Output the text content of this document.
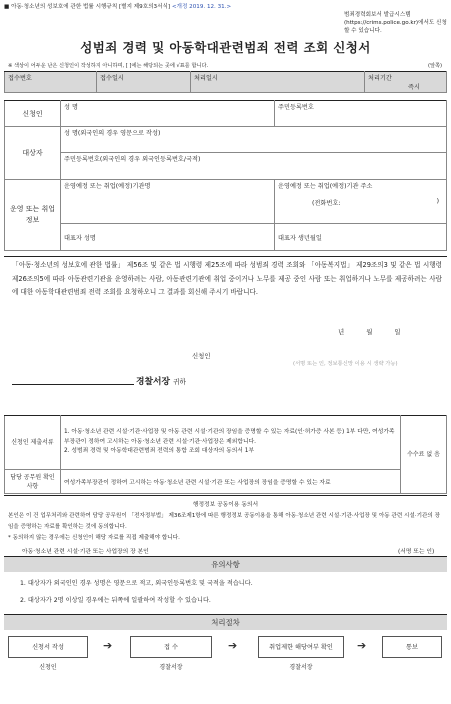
■ 아동·청소년의 성보호에 관한 법률 시행규칙 [별지 제9호의3서식] <개정 2019. 12. 31.>
범죄경력회보서 발급시스템(https://crims.police.go.kr)에서도 신청할 수 있습니다.
성범죄 경력 및 아동학대관련범죄 전력 조회 신청서
※ 색상이 어두운 난은 신청인이 작성하지 아니하며, [ ]에는 해당되는 곳에 √표를 합니다.	(앞쪽)
접수번호	접수일시	처리일시	처리기간
즉시
신청인	성 명	주민등록번호
대상자	성 명(외국인의 경우 영문으로 작성)	
	주민등록번호(외국인의 경우 외국인등록번호/국적)	
운영 또는 취업정보	운영예정 또는 취업(예정)기관명	운영예정 또는 취업(예정)기관 주소
(전화번호: )

	대표자 성명	대표자 생년월일
「아동·청소년의 성보호에 관한 법률」 제56조 및 같은 법 시행령 제25조에 따라 성범죄 경력 조회와 「아동복지법」 제29조의3 및 같은 법 시행령 제26조의5에 따라 아동관련기관을 운영하려는 사람, 아동관련기관에 취업 중이거나 노무를 제공 중인 사람 또는 취업하거나 노무를 제공하려는 사람에 대한 아동학대관련범죄 전력 조회를 요청하오니 그 결과를 회신해 주시기 바랍니다.
년 월 일
신청인
(서명 또는 인, 정보통신망 이용 시 생략 가능)
경찰서장 귀하
신청인 제출서류	1. 아동·청소년 관련 시설·기관·사업장 및 아동 관련 시설·기관의 장임을 증명할 수 있는 자료(인·허가증 사본 등) 1부 다만, 여성가족부장관이 정하여 고시하는 아동·청소년 관련 시설·기관·사업장은 제외합니다.
2. 성범죄 경력 및 아동학대관련범죄 전력의 통합 조회 대상자의 동의서 1부	수수료 없 음
담당 공무원 확인사항	여성가족부장관이 정하여 고시하는 아동·청소년 관련 시설·기관 또는 사업장의 장임을 증명할 수 있는 자료	
행정정보 공동이용 동의서
본인은 이 건 업무처리와 관련하여 담당 공무원이 「전자정부법」 제36조제1항에 따른 행정정보 공동이용을 통해 아동·청소년 관련 시설·기관·사업장 및 아동 관련 시설·기관의 장임을 증명하는 자료를 확인하는 것에 동의합니다.
* 동의하지 않는 경우에는 신청인이 해당 자료를 직접 제출해야 합니다.
아동·청소년 관련 시설·기관 또는 사업장의 장 본인	(서명 또는 인)
유의사항
1. 대상자가 외국인인 경우 성명은 영문으로 적고, 외국인등록번호 및 국적을 적습니다.
2. 대상자가 2명 이상일 경우에는 뒤쪽에 일괄하여 작성할 수 있습니다.
처리절차
신청서 작성	➔	접 수	➔	취업제한 해당여부 확인	➔	통보
신청인	경찰서장	경찰서장
